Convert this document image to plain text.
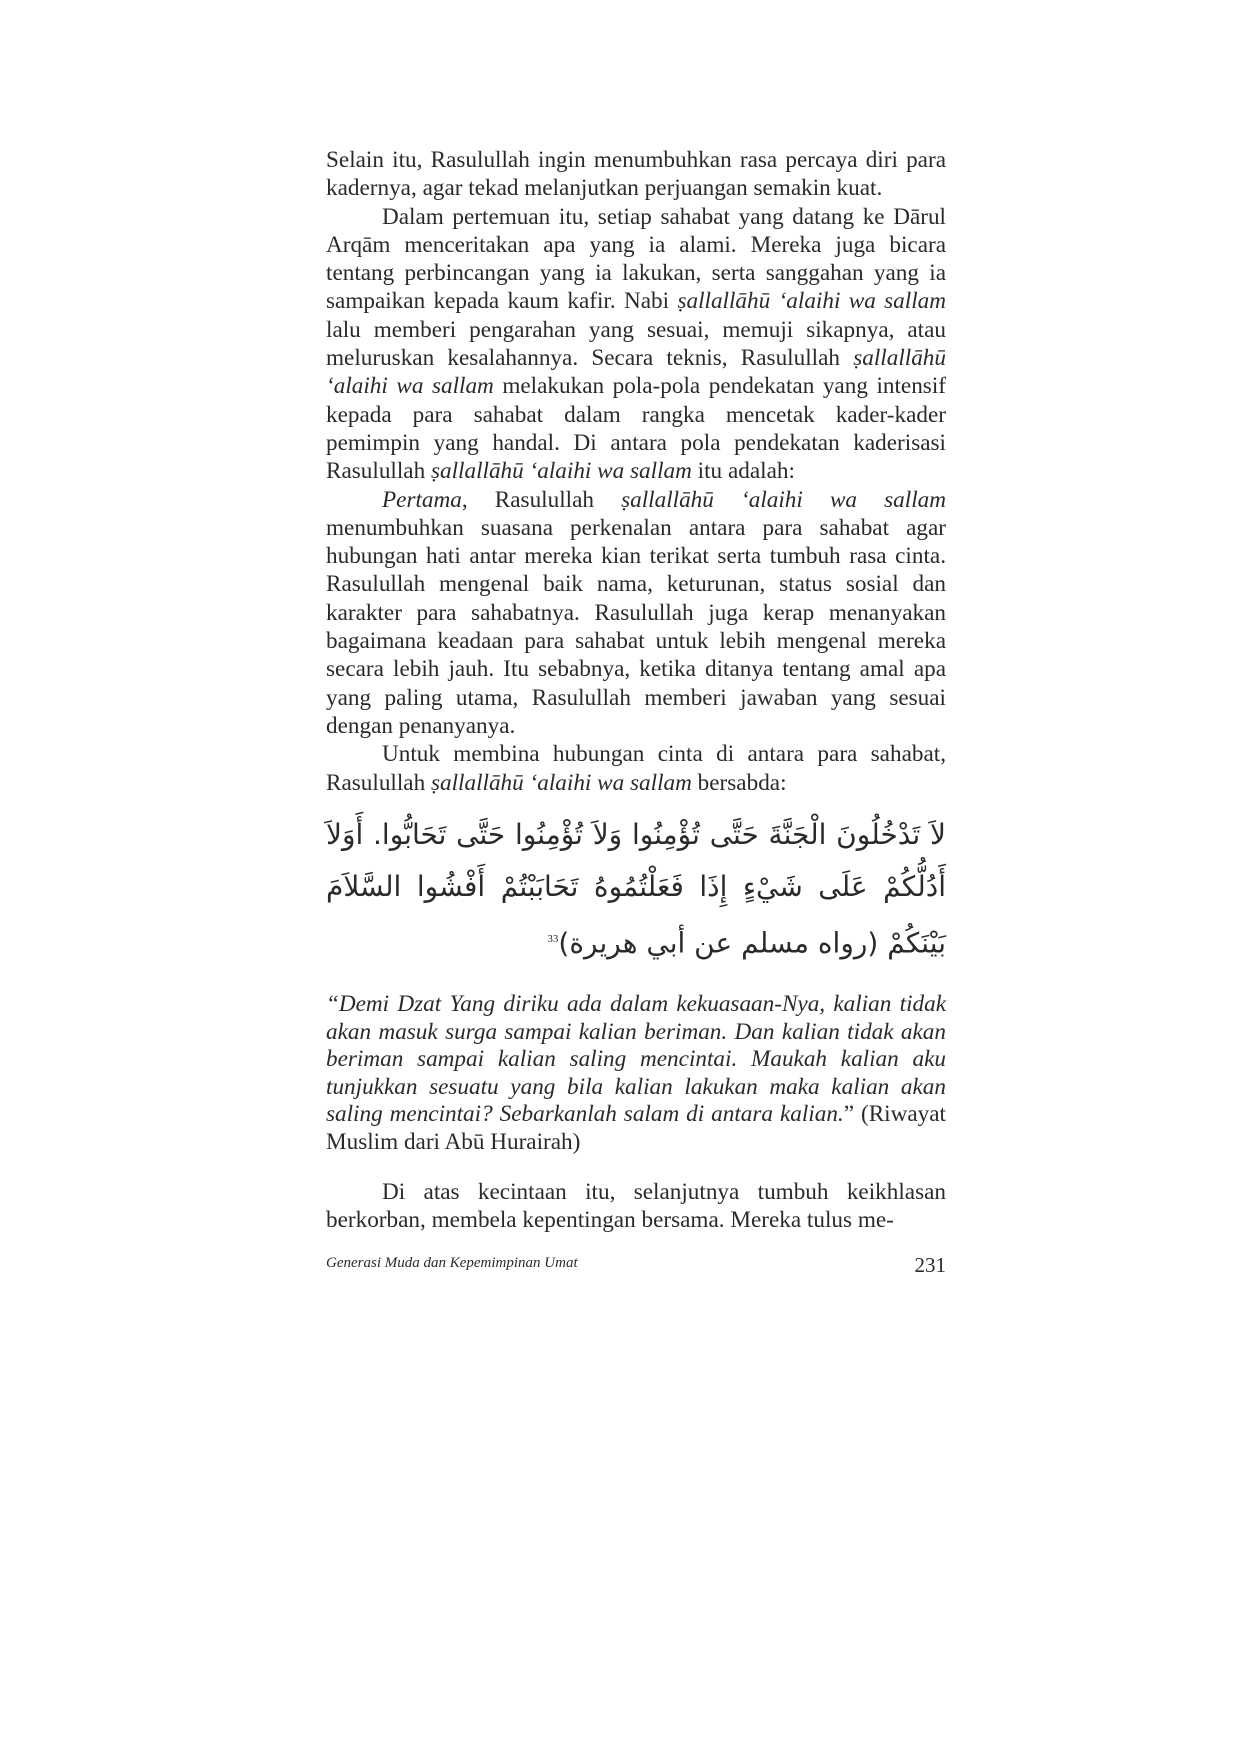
Selain itu, Rasulullah ingin menumbuhkan rasa percaya diri para kadernya, agar tekad melanjutkan perjuangan semakin kuat.

Dalam pertemuan itu, setiap sahabat yang datang ke Dārul Arqām menceritakan apa yang ia alami. Mereka juga bicara tentang perbincangan yang ia lakukan, serta sanggahan yang ia sampaikan kepada kaum kafir. Nabi ṣallallāhū ‘alaihi wa sallam lalu memberi pengarahan yang sesuai, memuji sikapnya, atau meluruskan kesalahannya. Secara teknis, Rasulullah ṣallallāhū ‘alaihi wa sallam melakukan pola-pola pendekatan yang intensif kepada para sahabat dalam rangka mencetak kader-kader pemimpin yang handal. Di antara pola pendekatan kaderisasi Rasulullah ṣallallāhū ‘alaihi wa sallam itu adalah:

Pertama, Rasulullah ṣallallāhū ‘alaihi wa sallam menumbuhkan suasana perkenalan antara para sahabat agar hubungan hati antar mereka kian terikat serta tumbuh rasa cinta. Rasulullah mengenal baik nama, keturunan, status sosial dan karakter para sahabatnya. Rasulullah juga kerap menanyakan bagaimana keadaan para sahabat untuk lebih mengenal mereka secara lebih jauh. Itu sebabnya, ketika ditanya tentang amal apa yang paling utama, Rasulullah memberi jawaban yang sesuai dengan penanyanya.

Untuk membina hubungan cinta di antara para sahabat, Rasulullah ṣallallāhū ‘alaihi wa sallam bersabda:

لاَ تَدْخُلُونَ الْجَنَّةَ حَتَّى تُؤْمِنُوا وَلاَ تُؤْمِنُوا حَتَّى تَحَابُّوا. أَوَلاَ أَدُلُّكُمْ عَلَى شَيْءٍ إِذَا فَعَلْتُمُوهُ تَحَابَبْتُمْ أَفْشُوا السَّلاَمَ بَيْنَكُمْ (رواه مسلم عن أبي هريرة)$^{33}$

“Demi Dzat Yang diriku ada dalam kekuasaan-Nya, kalian tidak akan masuk surga sampai kalian beriman. Dan kalian tidak akan beriman sampai kalian saling mencintai. Maukah kalian aku tunjukkan sesuatu yang bila kalian lakukan maka kalian akan saling mencintai? Sebarkanlah salam di antara kalian.” (Riwayat Muslim dari Abū Hurairah)

Di atas kecintaan itu, selanjutnya tumbuh keikhlasan berkorban, membela kepentingan bersama. Mereka tulus me-

Generasi Muda dan Kepemimpinan Umat	231
